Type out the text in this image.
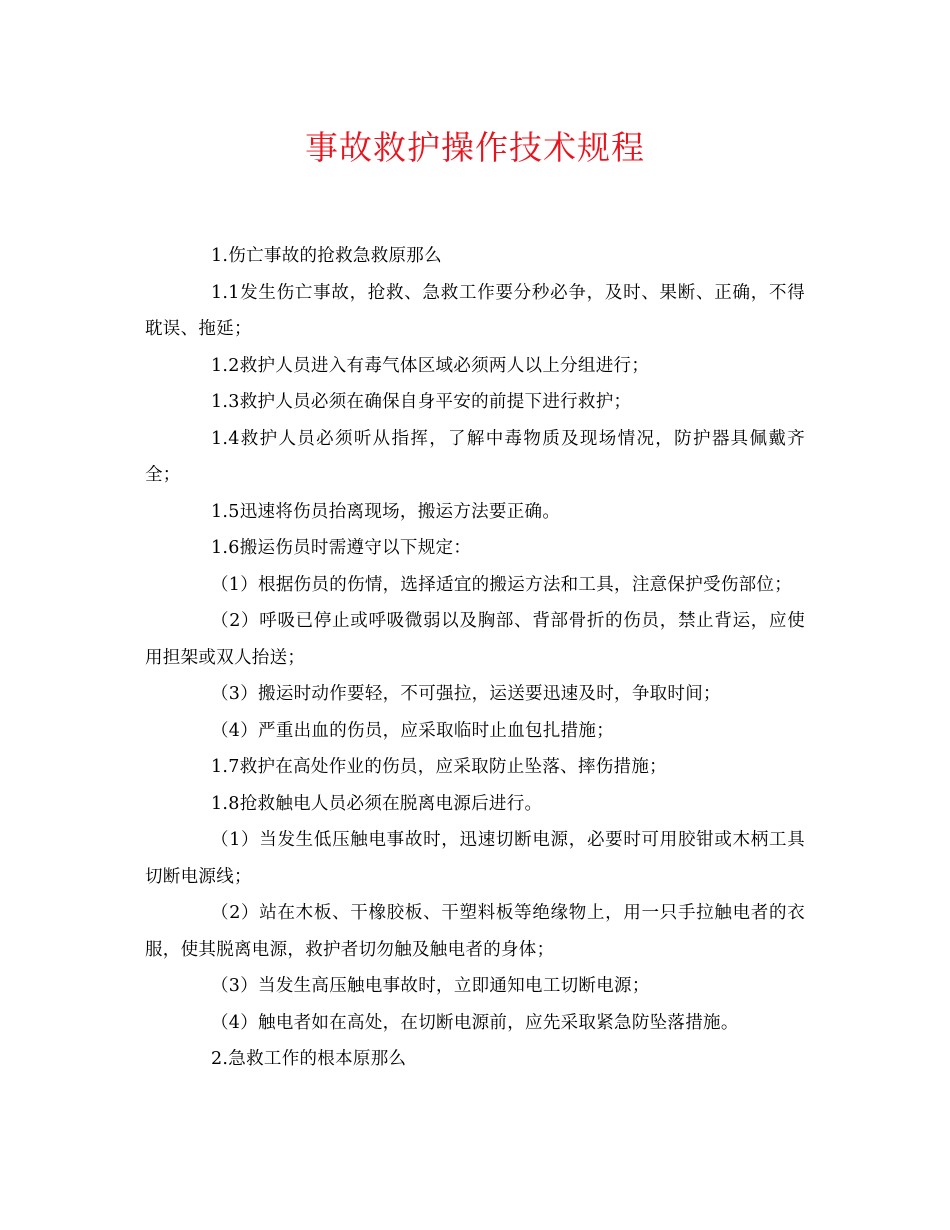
事故救护操作技术规程

1.伤亡事故的抢救急救原那么

1.1发生伤亡事故，抢救、急救工作要分秒必争，及时、果断、正确，不得耽误、拖延；

1.2救护人员进入有毒气体区域必须两人以上分组进行；

1.3救护人员必须在确保自身平安的前提下进行救护；

1.4救护人员必须听从指挥，了解中毒物质及现场情况，防护器具佩戴齐全；

1.5迅速将伤员抬离现场，搬运方法要正确。

1.6搬运伤员时需遵守以下规定：

（1）根据伤员的伤情，选择适宜的搬运方法和工具，注意保护受伤部位；

（2）呼吸已停止或呼吸微弱以及胸部、背部骨折的伤员，禁止背运，应使用担架或双人抬送；

（3）搬运时动作要轻，不可强拉，运送要迅速及时，争取时间；

（4）严重出血的伤员，应采取临时止血包扎措施；

1.7救护在高处作业的伤员，应采取防止坠落、摔伤措施；

1.8抢救触电人员必须在脱离电源后进行。

（1）当发生低压触电事故时，迅速切断电源，必要时可用胶钳或木柄工具切断电源线；

（2）站在木板、干橡胶板、干塑料板等绝缘物上，用一只手拉触电者的衣服，使其脱离电源，救护者切勿触及触电者的身体；

（3）当发生高压触电事故时，立即通知电工切断电源；

（4）触电者如在高处，在切断电源前，应先采取紧急防坠落措施。

2.急救工作的根本原那么
